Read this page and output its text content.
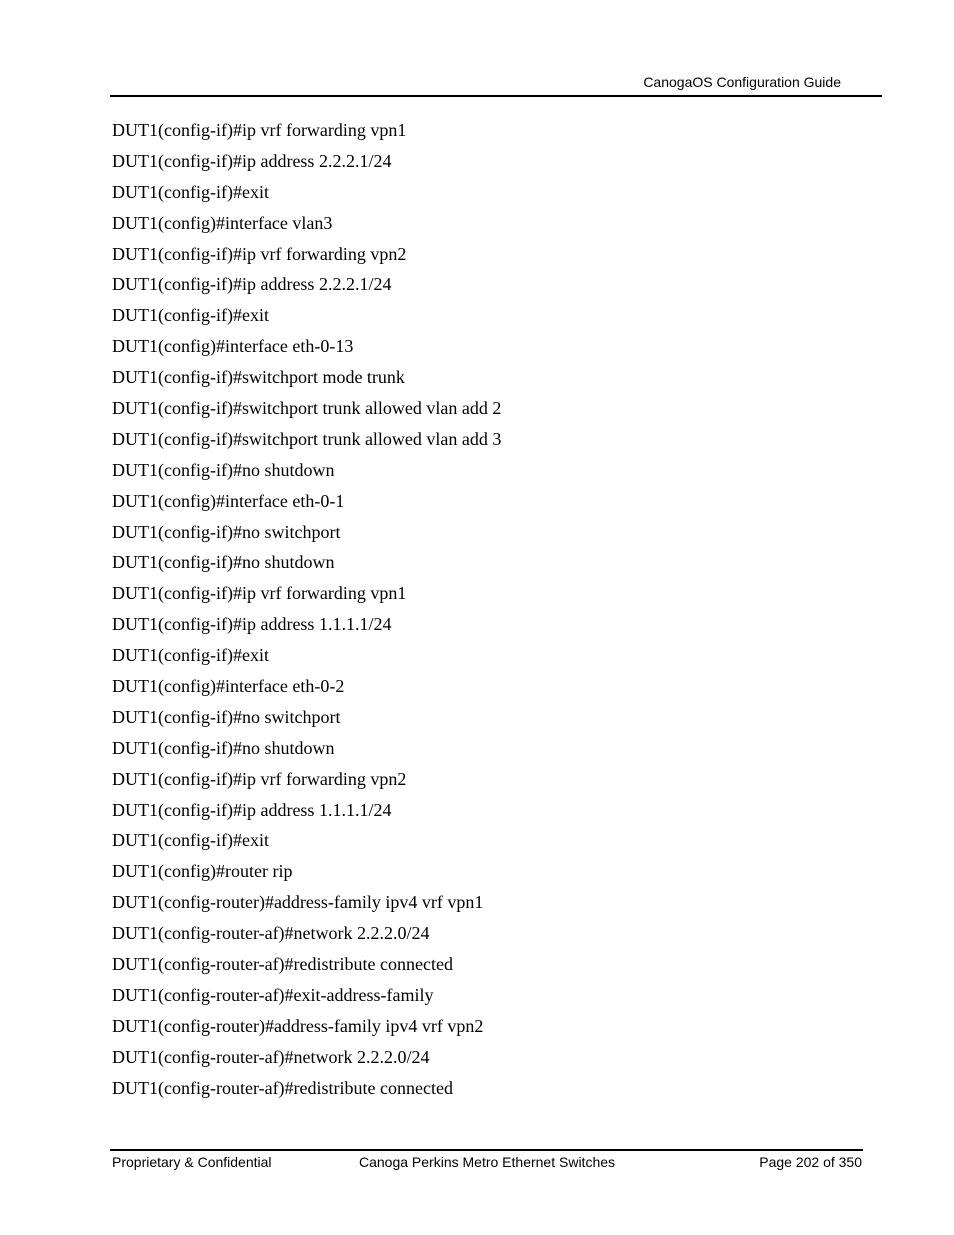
CanogaOS Configuration Guide
DUT1(config-if)#ip vrf forwarding vpn1
DUT1(config-if)#ip address 2.2.2.1/24
DUT1(config-if)#exit
DUT1(config)#interface vlan3
DUT1(config-if)#ip vrf forwarding vpn2
DUT1(config-if)#ip address 2.2.2.1/24
DUT1(config-if)#exit
DUT1(config)#interface eth-0-13
DUT1(config-if)#switchport mode trunk
DUT1(config-if)#switchport trunk allowed vlan add 2
DUT1(config-if)#switchport trunk allowed vlan add 3
DUT1(config-if)#no shutdown
DUT1(config)#interface eth-0-1
DUT1(config-if)#no switchport
DUT1(config-if)#no shutdown
DUT1(config-if)#ip vrf forwarding vpn1
DUT1(config-if)#ip address 1.1.1.1/24
DUT1(config-if)#exit
DUT1(config)#interface eth-0-2
DUT1(config-if)#no switchport
DUT1(config-if)#no shutdown
DUT1(config-if)#ip vrf forwarding vpn2
DUT1(config-if)#ip address 1.1.1.1/24
DUT1(config-if)#exit
DUT1(config)#router rip
DUT1(config-router)#address-family ipv4 vrf vpn1
DUT1(config-router-af)#network 2.2.2.0/24
DUT1(config-router-af)#redistribute connected
DUT1(config-router-af)#exit-address-family
DUT1(config-router)#address-family ipv4 vrf vpn2
DUT1(config-router-af)#network 2.2.2.0/24
DUT1(config-router-af)#redistribute connected
Proprietary & Confidential	Canoga Perkins Metro Ethernet Switches	Page 202 of 350
